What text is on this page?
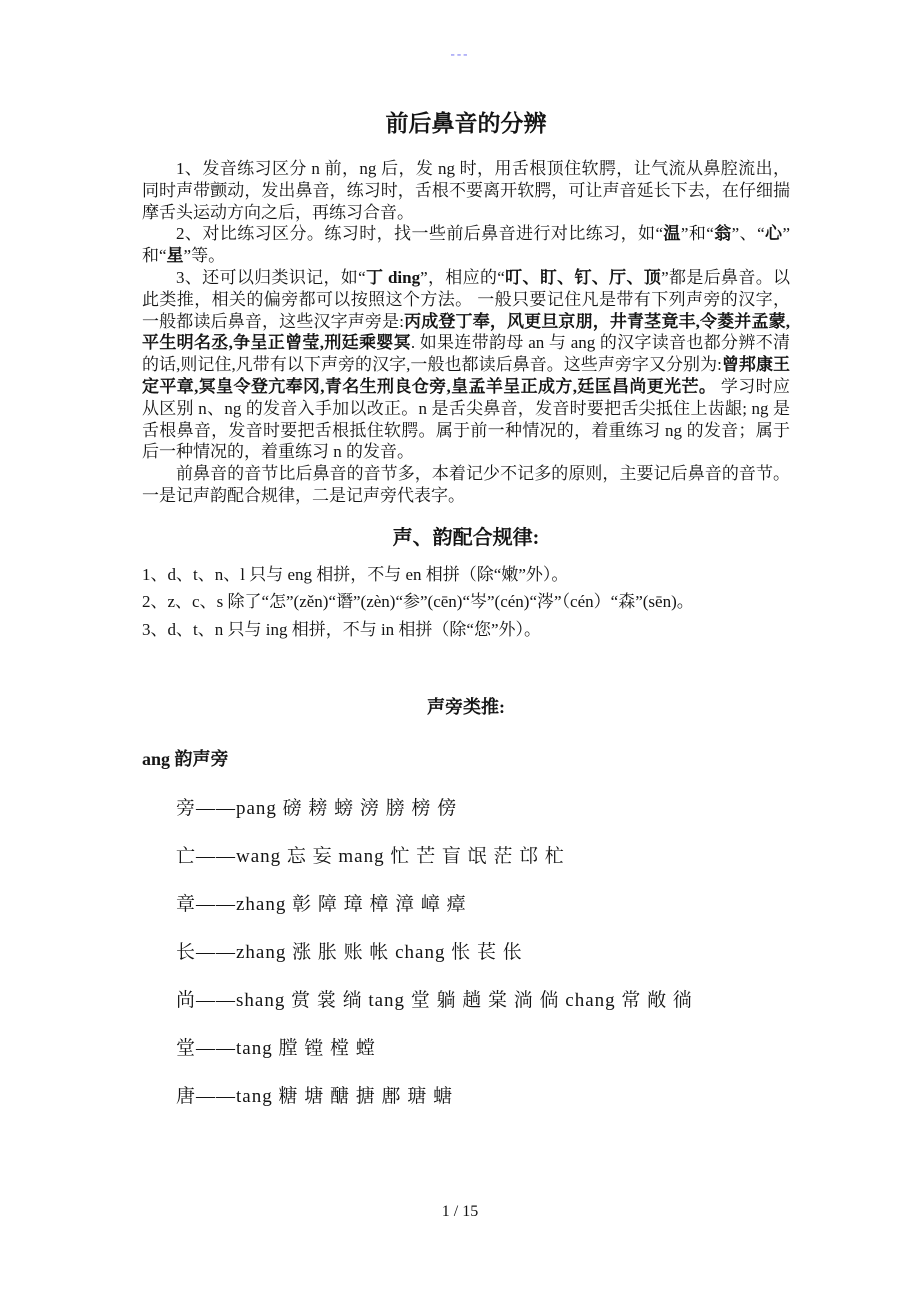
---
前后鼻音的分辨

1、发音练习区分 n 前，ng 后，发 ng 时，用舌根顶住软腭，让气流从鼻腔流出，同时声带颤动，发出鼻音，练习时，舌根不要离开软腭，可让声音延长下去，在仔细揣摩舌头运动方向之后，再练习合音。

2、对比练习区分。练习时，找一些前后鼻音进行对比练习，如“温”和“翁”、“心”和“星”等。

3、还可以归类识记，如“丁 ding”，相应的“叮、盯、钉、厅、顶”都是后鼻音。以此类推，相关的偏旁都可以按照这个方法。 一般只要记住凡是带有下列声旁的汉字，一般都读后鼻音，这些汉字声旁是:丙成登丁奉，风更旦京朋，井青茎竟丰,令菱并孟蒙,平生明名丞,争呈正曾莹,刑廷乘婴冥. 如果连带韵母 an 与 ang 的汉字读音也都分辨不清的话,则记住,凡带有以下声旁的汉字,一般也都读后鼻音。这些声旁字又分别为:曾邦康王定平章,冥皇令登亢奉冈,青名生刑良仓旁,皇孟羊呈正成方,廷匡昌尚更光芒。 学习时应从区别 n、ng 的发音入手加以改正。n 是舌尖鼻音，发音时要把舌尖抵住上齿龈; ng 是舌根鼻音，发音时要把舌根抵住软腭。属于前一种情况的，着重练习 ng 的发音；属于后一种情况的，着重练习 n 的发音。

前鼻音的音节比后鼻音的音节多，本着记少不记多的原则，主要记后鼻音的音节。一是记声韵配合规律，二是记声旁代表字。

声、韵配合规律:
1、d、t、n、l 只与 eng 相拼，不与 en 相拼（除“嫩”外）。
2、z、c、s 除了“怎”(zěn)“谮”(zèn)“参”(cēn)“岑”(cén)“涔”（cén）“森”(sēn)。
3、d、t、n 只与 ing 相拼，不与 in 相拼（除“您”外）。
声旁类推:
ang 韵声旁
旁——pang 磅 耪 螃 滂 膀 榜 傍
亡——wang 忘 妄 mang 忙 芒 盲 氓 茫 邙 杧
章——zhang 彰 障 璋 樟 漳 嶂 瘴
长——zhang 涨 胀 账 帐 chang 怅 苌 伥
尚——shang 赏 裳 绱 tang 堂 躺 趟 棠 淌 倘 chang 常 敞 徜
堂——tang 膛 镗 樘 螳
唐——tang 糖 塘 醣 搪 鄌 瑭 螗
1 / 15
